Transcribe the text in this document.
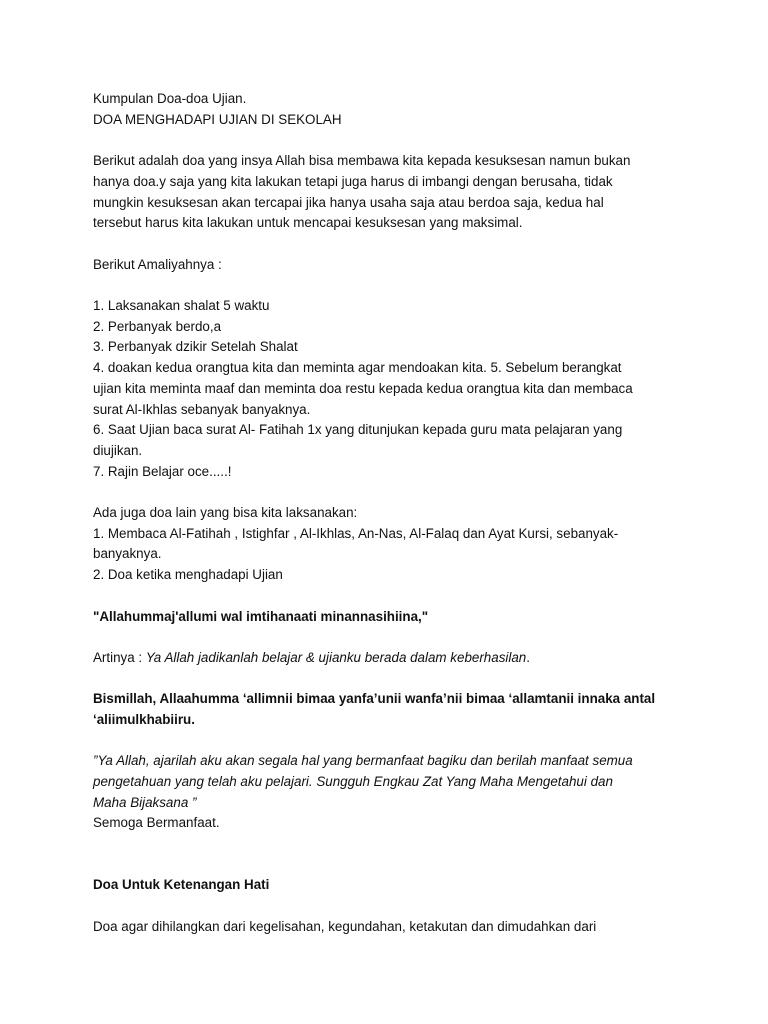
Kumpulan Doa-doa Ujian.

DOA MENGHADAPI UJIAN DI SEKOLAH

Berikut adalah doa yang insya Allah bisa membawa kita kepada kesuksesan namun bukan
hanya doa.y saja yang kita lakukan tetapi juga harus di imbangi dengan berusaha, tidak
mungkin kesuksesan akan tercapai jika hanya usaha saja atau berdoa saja, kedua hal
tersebut harus kita lakukan untuk mencapai kesuksesan yang maksimal.

Berikut Amaliyahnya :

1. Laksanakan shalat 5 waktu

2. Perbanyak berdo,a

3. Perbanyak dzikir Setelah Shalat

4. doakan kedua orangtua kita dan meminta agar mendoakan kita. 5. Sebelum berangkat
ujian kita meminta maaf dan meminta doa restu kepada kedua orangtua kita dan membaca
surat Al-Ikhlas sebanyak banyaknya.

6. Saat Ujian baca surat Al- Fatihah 1x yang ditunjukan kepada guru mata pelajaran yang
diujikan.

7. Rajin Belajar oce.....!

Ada juga doa lain yang bisa kita laksanakan:

1. Membaca Al-Fatihah , Istighfar , Al-Ikhlas, An-Nas, Al-Falaq dan Ayat Kursi, sebanyak-
banyaknya.

2. Doa ketika menghadapi Ujian

"Allahummaj'allumi wal imtihanaati minannasihiina,"

Artinya : Ya Allah jadikanlah belajar & ujianku berada dalam keberhasilan.

Bismillah, Allaahumma ‘allimnii bimaa yanfa’unii wanfa’nii bimaa ‘allamtanii innaka antal
‘aliimulkhabiiru.

”Ya Allah, ajarilah aku akan segala hal yang bermanfaat bagiku dan berilah manfaat semua
pengetahuan yang telah aku pelajari. Sungguh Engkau Zat Yang Maha Mengetahui dan
Maha Bijaksana ”

Semoga Bermanfaat.

Doa Untuk Ketenangan Hati

Doa agar dihilangkan dari kegelisahan, kegundahan, ketakutan dan dimudahkan dari
